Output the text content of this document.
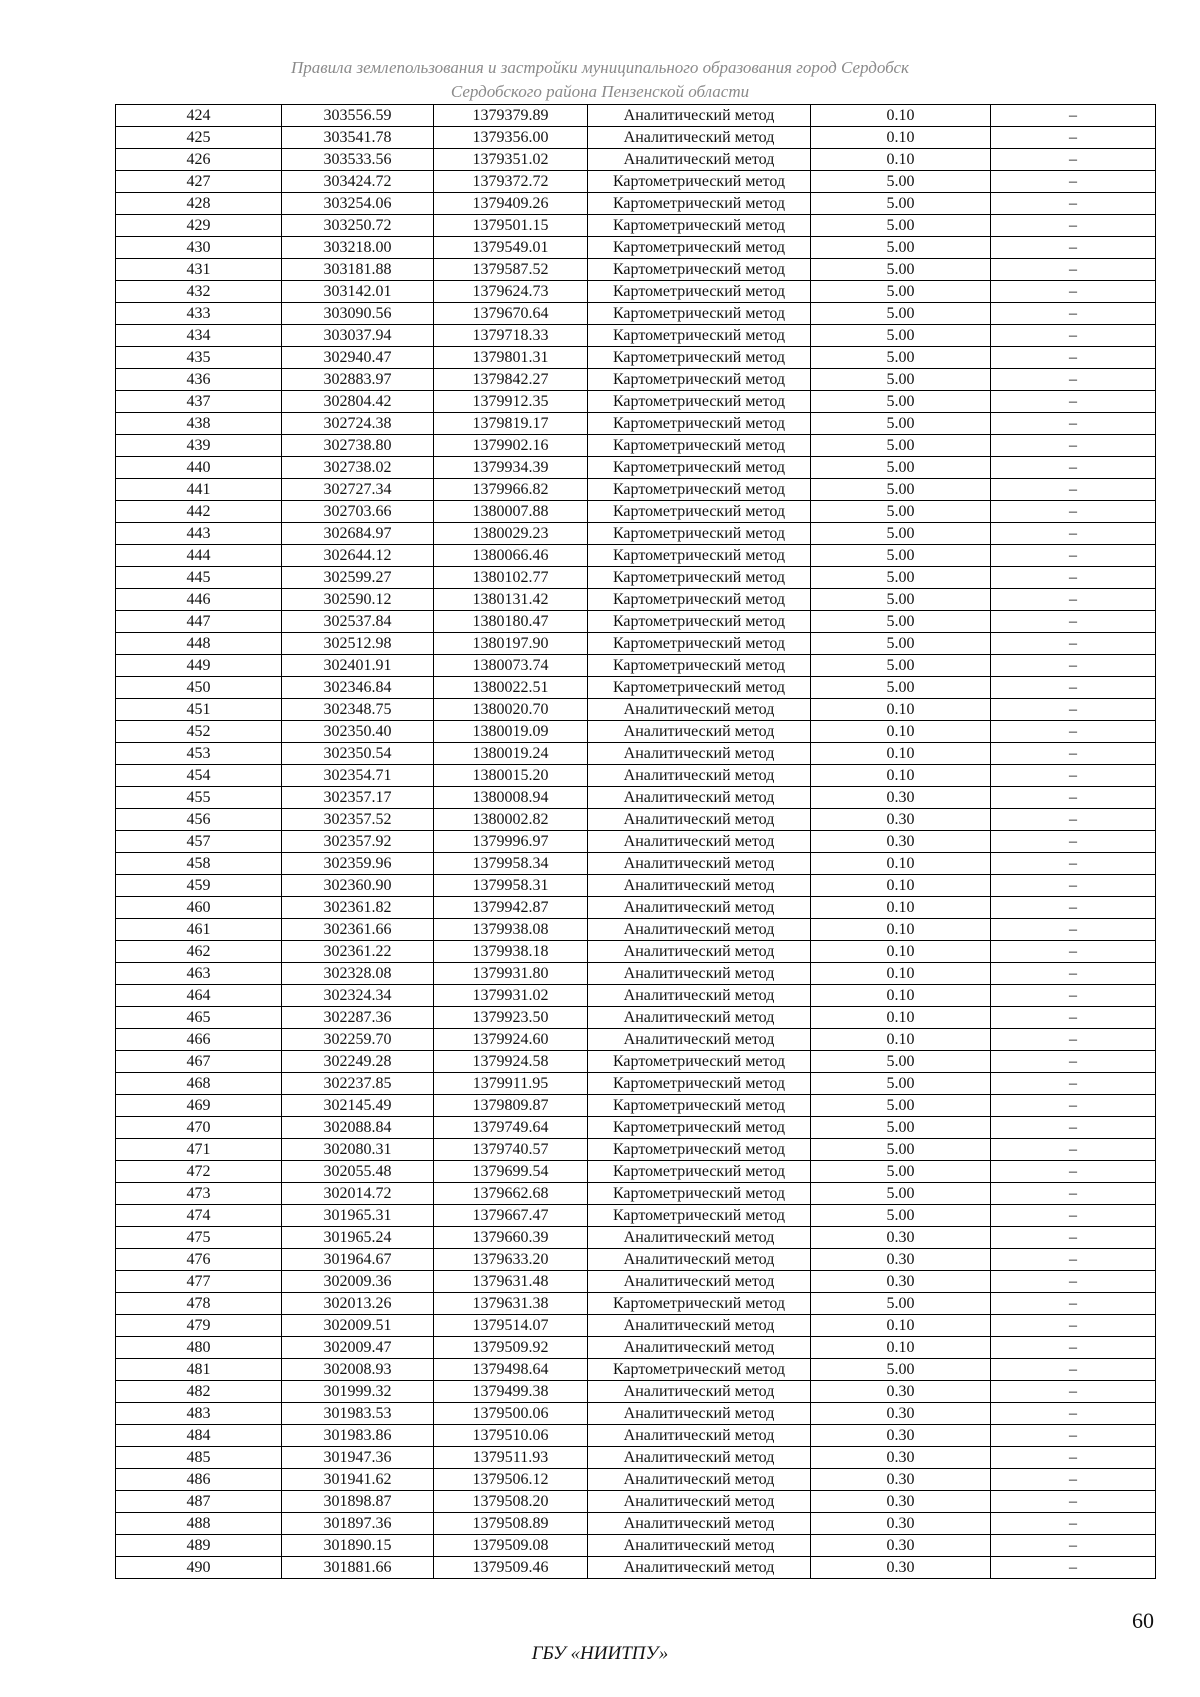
Правила землепользования и застройки муниципального образования город Сердобск
Сердобского района Пензенской области
424	303556.59	1379379.89	Аналитический метод	0.10	–
425	303541.78	1379356.00	Аналитический метод	0.10	–
426	303533.56	1379351.02	Аналитический метод	0.10	–
427	303424.72	1379372.72	Картометрический метод	5.00	–
428	303254.06	1379409.26	Картометрический метод	5.00	–
429	303250.72	1379501.15	Картометрический метод	5.00	–
430	303218.00	1379549.01	Картометрический метод	5.00	–
431	303181.88	1379587.52	Картометрический метод	5.00	–
432	303142.01	1379624.73	Картометрический метод	5.00	–
433	303090.56	1379670.64	Картометрический метод	5.00	–
434	303037.94	1379718.33	Картометрический метод	5.00	–
435	302940.47	1379801.31	Картометрический метод	5.00	–
436	302883.97	1379842.27	Картометрический метод	5.00	–
437	302804.42	1379912.35	Картометрический метод	5.00	–
438	302724.38	1379819.17	Картометрический метод	5.00	–
439	302738.80	1379902.16	Картометрический метод	5.00	–
440	302738.02	1379934.39	Картометрический метод	5.00	–
441	302727.34	1379966.82	Картометрический метод	5.00	–
442	302703.66	1380007.88	Картометрический метод	5.00	–
443	302684.97	1380029.23	Картометрический метод	5.00	–
444	302644.12	1380066.46	Картометрический метод	5.00	–
445	302599.27	1380102.77	Картометрический метод	5.00	–
446	302590.12	1380131.42	Картометрический метод	5.00	–
447	302537.84	1380180.47	Картометрический метод	5.00	–
448	302512.98	1380197.90	Картометрический метод	5.00	–
449	302401.91	1380073.74	Картометрический метод	5.00	–
450	302346.84	1380022.51	Картометрический метод	5.00	–
451	302348.75	1380020.70	Аналитический метод	0.10	–
452	302350.40	1380019.09	Аналитический метод	0.10	–
453	302350.54	1380019.24	Аналитический метод	0.10	–
454	302354.71	1380015.20	Аналитический метод	0.10	–
455	302357.17	1380008.94	Аналитический метод	0.30	–
456	302357.52	1380002.82	Аналитический метод	0.30	–
457	302357.92	1379996.97	Аналитический метод	0.30	–
458	302359.96	1379958.34	Аналитический метод	0.10	–
459	302360.90	1379958.31	Аналитический метод	0.10	–
460	302361.82	1379942.87	Аналитический метод	0.10	–
461	302361.66	1379938.08	Аналитический метод	0.10	–
462	302361.22	1379938.18	Аналитический метод	0.10	–
463	302328.08	1379931.80	Аналитический метод	0.10	–
464	302324.34	1379931.02	Аналитический метод	0.10	–
465	302287.36	1379923.50	Аналитический метод	0.10	–
466	302259.70	1379924.60	Аналитический метод	0.10	–
467	302249.28	1379924.58	Картометрический метод	5.00	–
468	302237.85	1379911.95	Картометрический метод	5.00	–
469	302145.49	1379809.87	Картометрический метод	5.00	–
470	302088.84	1379749.64	Картометрический метод	5.00	–
471	302080.31	1379740.57	Картометрический метод	5.00	–
472	302055.48	1379699.54	Картометрический метод	5.00	–
473	302014.72	1379662.68	Картометрический метод	5.00	–
474	301965.31	1379667.47	Картометрический метод	5.00	–
475	301965.24	1379660.39	Аналитический метод	0.30	–
476	301964.67	1379633.20	Аналитический метод	0.30	–
477	302009.36	1379631.48	Аналитический метод	0.30	–
478	302013.26	1379631.38	Картометрический метод	5.00	–
479	302009.51	1379514.07	Аналитический метод	0.10	–
480	302009.47	1379509.92	Аналитический метод	0.10	–
481	302008.93	1379498.64	Картометрический метод	5.00	–
482	301999.32	1379499.38	Аналитический метод	0.30	–
483	301983.53	1379500.06	Аналитический метод	0.30	–
484	301983.86	1379510.06	Аналитический метод	0.30	–
485	301947.36	1379511.93	Аналитический метод	0.30	–
486	301941.62	1379506.12	Аналитический метод	0.30	–
487	301898.87	1379508.20	Аналитический метод	0.30	–
488	301897.36	1379508.89	Аналитический метод	0.30	–
489	301890.15	1379509.08	Аналитический метод	0.30	–
490	301881.66	1379509.46	Аналитический метод	0.30	–
60
ГБУ «НИИТПУ»
